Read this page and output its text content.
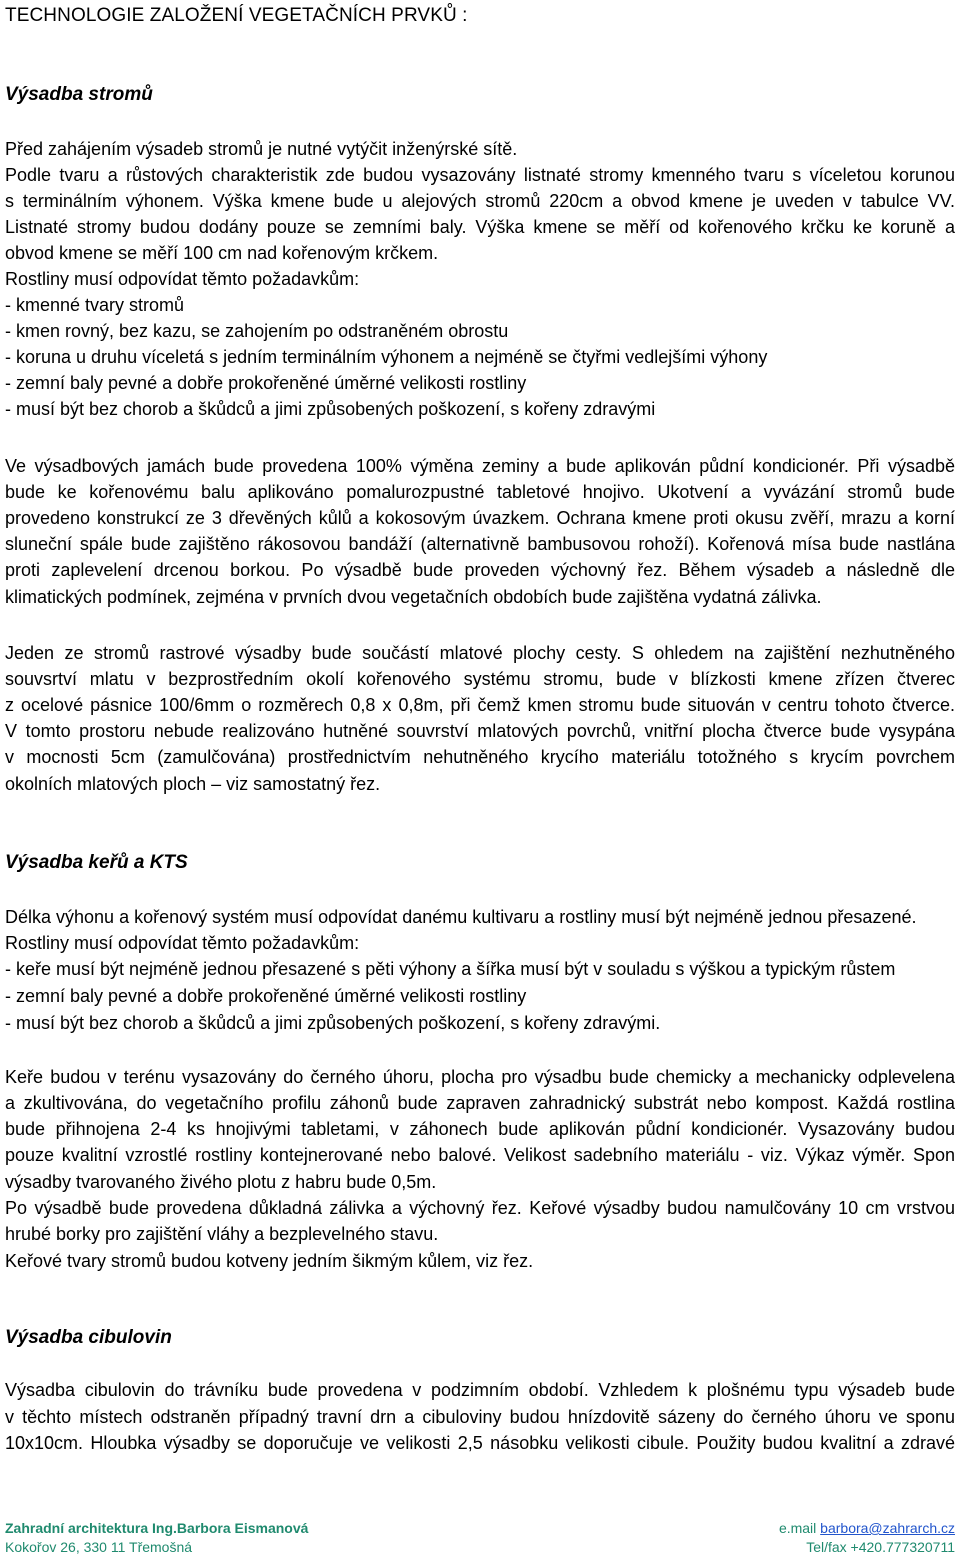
TECHNOLOGIE ZALOŽENÍ VEGETAČNÍCH PRVKŮ :
Výsadba stromů
Před zahájením výsadeb stromů je nutné vytýčit inženýrské sítě.
Podle tvaru a růstových charakteristik zde budou vysazovány listnaté stromy kmenného tvaru s víceletou korunou
s terminálním výhonem. Výška kmene bude u alejových stromů 220cm a obvod kmene je uveden v tabulce VV.
Listnaté stromy budou dodány pouze se zemními baly. Výška kmene se měří od kořenového krčku ke koruně a
obvod kmene se měří 100 cm nad kořenovým krčkem.
Rostliny musí odpovídat těmto požadavkům:
- kmenné tvary stromů
- kmen rovný, bez kazu, se zahojením po odstraněném obrostu
- koruna u druhu víceletá s jedním terminálním výhonem a nejméně se čtyřmi vedlejšími výhony
- zemní baly pevné a dobře prokořeněné úměrné velikosti rostliny
- musí být bez chorob a škůdců a jimi způsobených poškození, s kořeny zdravými
Ve výsadbových jamách bude provedena 100% výměna zeminy a bude aplikován půdní kondicionér. Při výsadbě
bude ke kořenovému balu aplikováno pomalurozpustné tabletové hnojivo. Ukotvení a vyvázání stromů bude
provedeno konstrukcí ze 3 dřevěných kůlů a kokosovým úvazkem. Ochrana kmene proti okusu zvěří, mrazu a korní
sluneční spále bude zajištěno rákosovou bandáží (alternativně bambusovou rohoží). Kořenová mísa bude nastlána
proti zaplevelení drcenou borkou. Po výsadbě bude proveden výchovný řez. Během výsadeb a následně dle
klimatických podmínek, zejména v prvních dvou vegetačních obdobích bude zajištěna vydatná zálivka.
Jeden ze stromů rastrové výsadby bude součástí mlatové plochy cesty. S ohledem na zajištění nezhutněného
souvsrtví mlatu v bezprostředním okolí kořenového systému stromu, bude v blízkosti kmene zřízen čtverec
z ocelové pásnice 100/6mm o rozměrech 0,8 x 0,8m, při čemž kmen stromu bude situován v centru tohoto čtverce.
V tomto prostoru nebude realizováno hutněné souvrství mlatových povrchů, vnitřní plocha čtverce bude vysypána
v mocnosti 5cm (zamulčována) prostřednictvím nehutněného krycího materiálu totožného s krycím povrchem
okolních mlatových ploch – viz samostatný řez.
Výsadba keřů a KTS
Délka výhonu a kořenový systém musí odpovídat danému kultivaru a rostliny musí být nejméně jednou přesazené.
Rostliny musí odpovídat těmto požadavkům:
- keře musí být nejméně jednou přesazené s pěti výhony a šířka musí být v souladu s výškou a typickým růstem
- zemní baly pevné a dobře prokořeněné úměrné velikosti rostliny
- musí být bez chorob a škůdců a jimi způsobených poškození, s kořeny zdravými.
Keře budou v terénu vysazovány do černého úhoru, plocha pro výsadbu bude chemicky a mechanicky odplevelena
a zkultivována, do vegetačního profilu záhonů bude zapraven zahradnický substrát nebo kompost. Každá rostlina
bude přihnojena 2-4 ks hnojivými tabletami, v záhonech bude aplikován půdní kondicionér. Vysazovány budou
pouze kvalitní vzrostlé rostliny kontejnerované nebo balové. Velikost sadebního materiálu - viz. Výkaz výměr. Spon
výsadby tvarovaného živého plotu z habru bude 0,5m.
Po výsadbě bude provedena důkladná zálivka a výchovný řez. Keřové výsadby budou namulčovány 10 cm vrstvou
hrubé borky pro zajištění vláhy a bezplevelného stavu.
Keřové tvary stromů budou kotveny jedním šikmým kůlem, viz řez.
Výsadba cibulovin
Výsadba cibulovin do trávníku bude provedena v podzimním období. Vzhledem k plošnému typu výsadeb bude
v těchto místech odstraněn případný travní drn a cibuloviny budou hnízdovitě sázeny do černého úhoru ve sponu
10x10cm. Hloubka výsadby se doporučuje ve velikosti 2,5 násobku velikosti cibule. Použity budou kvalitní a zdravé
Zahradní architektura Ing.Barbora Eismanová
Kokořov 26, 330 11 Třemošná
e.mail barbora@zahrarch.cz
Tel/fax +420.777320711
